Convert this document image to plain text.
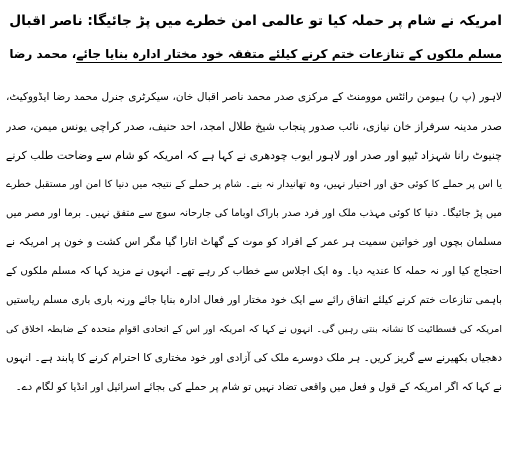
امریکہ نے شام پر حملہ کیا تو عالمی امن خطرے میں پڑ جائیگا: ناصر اقبال
مسلم ملکوں کے تنازعات ختم کرنے کیلئے متفقہ خود مختار ادارہ بنایا جائے، محمد رضا
لاہور (پ ر) ہیومن رائٹس موومنٹ کے مرکزی صدر محمد ناصر اقبال خان، سیکرٹری جنرل محمد رضا ایڈووکیٹ،
صدر مدینہ سرفراز خان نیازی، نائب صدور پنجاب شیخ طلال امجد، احد حنیف، صدر کراچی یونس میمن، صدر
چنیوٹ رانا شہزاد ٹیپو اور صدر اور لاہور ایوب چودھری نے کہا ہے کہ امریکہ کو شام سے وضاحت طلب کرنے
یا اس پر حملے کا کوئی حق اور اختیار نہیں، وہ تھانیدار نہ بنے۔ شام پر حملے کے نتیجہ میں دنیا کا امن اور مستقبل خطرے
میں پڑ جائیگا۔ دنیا کا کوئی مہذب ملک اور فرد صدر باراک اوباما کی جارحانہ سوچ سے متفق نہیں۔ برما اور مصر میں
مسلمان بچوں اور خواتین سمیت ہر عمر کے افراد کو موت کے گھاٹ اتارا گیا مگر اس کشت و خون پر امریکہ نے
احتجاج کیا اور نہ حملہ کا عندیہ دیا۔ وہ ایک اجلاس سے خطاب کر رہے تھے۔ انہوں نے مزید کہا کہ مسلم ملکوں کے
باہمی تنازعات ختم کرنے کیلئے اتفاق رائے سے ایک خود مختار اور فعال ادارہ بنایا جائے ورنہ باری باری مسلم ریاستیں
امریکہ کی فسطائیت کا نشانہ بنتی رہیں گی۔ انہوں نے کہا کہ امریکہ اور اس کے اتحادی اقوام متحدہ کے ضابطہ اخلاق کی
دھجیاں بکھیرنے سے گریز کریں۔ ہر ملک دوسرے ملک کی آزادی اور خود مختاری کا احترام کرنے کا پابند ہے۔ انہوں
نے کہا کہ اگر امریکہ کے قول و فعل میں واقعی تضاد نہیں تو شام پر حملے کی بجائے اسرائیل اور انڈیا کو لگام دے۔
